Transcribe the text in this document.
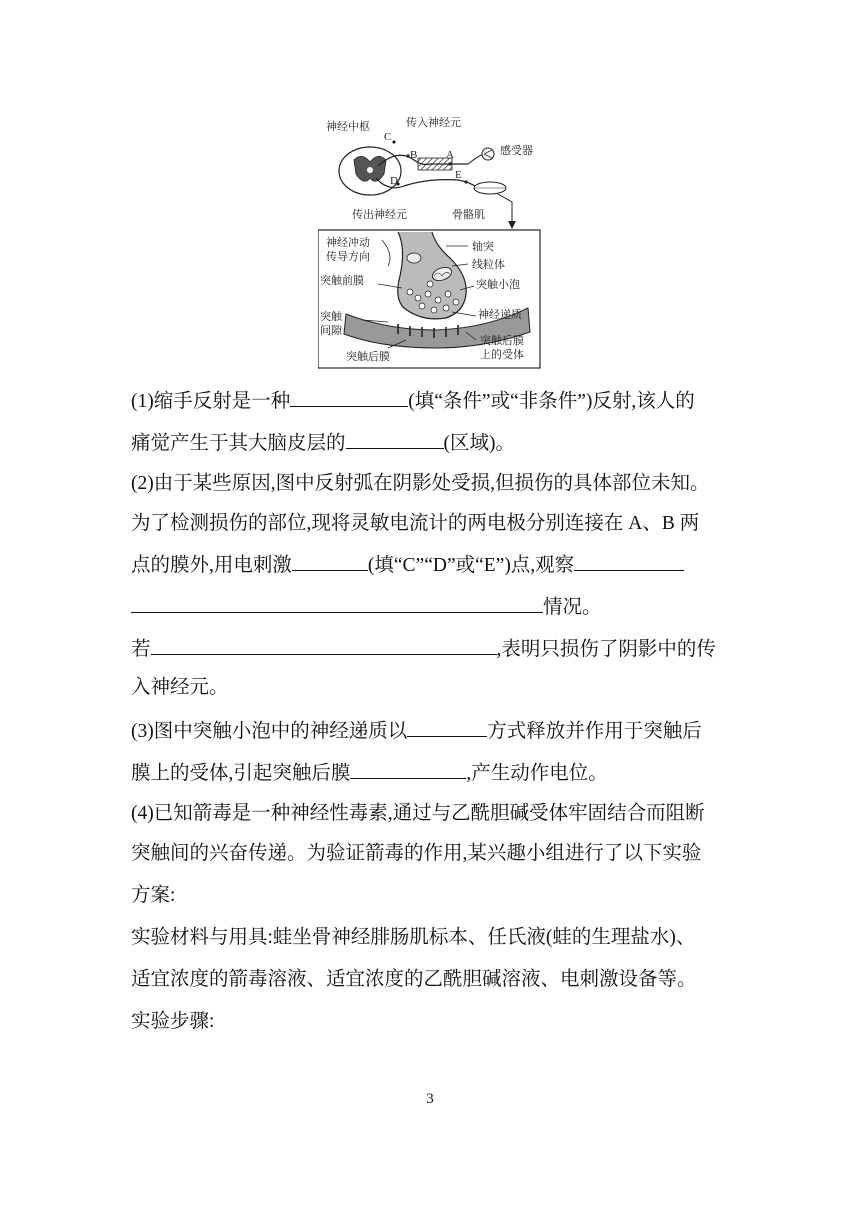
C
B	A
D	E
神经中枢	传入神经元
感受器
传出神经元	骨骼肌
神经冲动
传导方向
轴突
线粒体
突触小泡
突触前膜
突触
间隙
神经递质
突触后膜
突触后膜
上的受体
(1)缩手反射是一种	(填“条件”或“非条件”)反射,该人的
痛觉产生于其大脑皮层的	(区域)。
(2)由于某些原因,图中反射弧在阴影处受损,但损伤的具体部位未知。
为了检测损伤的部位,现将灵敏电流计的两电极分别连接在 A、B 两
点的膜外,用电刺激	(填“C”“D”或“E”)点,观察
情况。
若	,表明只损伤了阴影中的传
入神经元。
(3)图中突触小泡中的神经递质以	方式释放并作用于突触后
膜上的受体,引起突触后膜	,产生动作电位。
(4)已知箭毒是一种神经性毒素,通过与乙酰胆碱受体牢固结合而阻断
突触间的兴奋传递。为验证箭毒的作用,某兴趣小组进行了以下实验
方案:
实验材料与用具:蛙坐骨神经腓肠肌标本、任氏液(蛙的生理盐水)、
适宜浓度的箭毒溶液、适宜浓度的乙酰胆碱溶液、电刺激设备等。
实验步骤:
3
